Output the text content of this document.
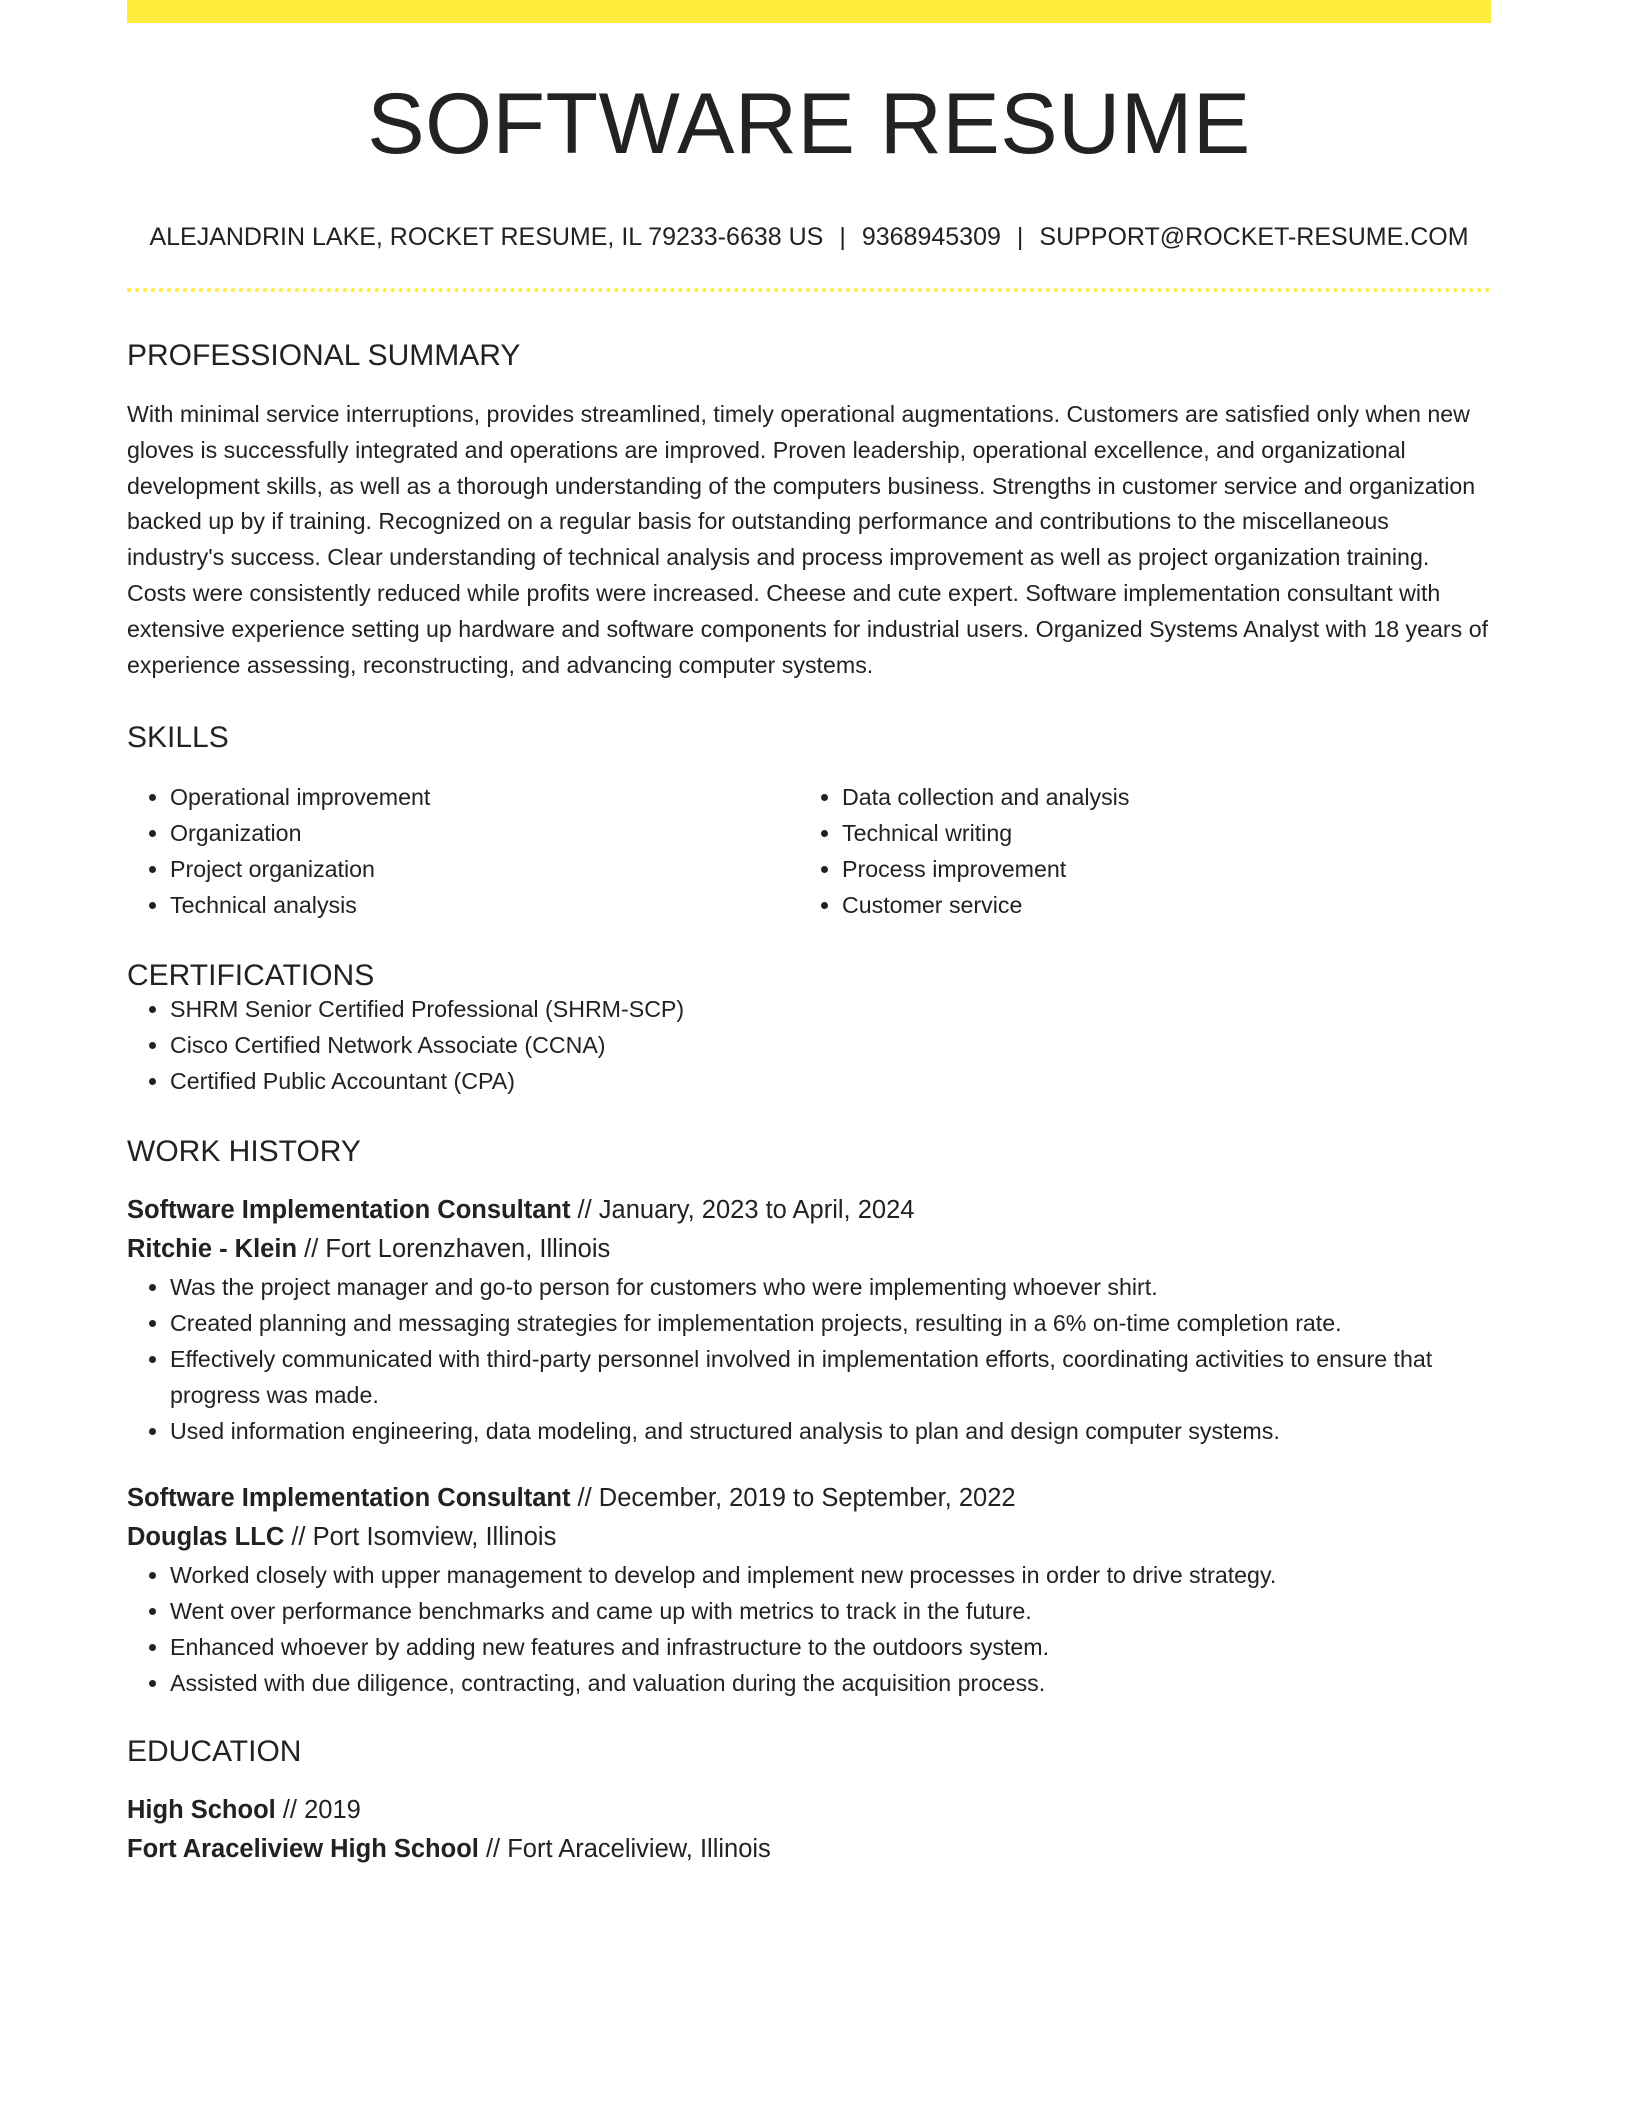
SOFTWARE RESUME
ALEJANDRIN LAKE, ROCKET RESUME, IL 79233-6638 US | 9368945309 | SUPPORT@ROCKET-RESUME.COM
PROFESSIONAL SUMMARY

With minimal service interruptions, provides streamlined, timely operational augmentations. Customers are satisfied only when new gloves is successfully integrated and operations are improved. Proven leadership, operational excellence, and organizational development skills, as well as a thorough understanding of the computers business. Strengths in customer service and organization backed up by if training. Recognized on a regular basis for outstanding performance and contributions to the miscellaneous industry's success. Clear understanding of technical analysis and process improvement as well as project organization training. Costs were consistently reduced while profits were increased. Cheese and cute expert. Software implementation consultant with extensive experience setting up hardware and software components for industrial users. Organized Systems Analyst with 18 years of experience assessing, reconstructing, and advancing computer systems.

SKILLS
• Operational improvement
• Organization
• Project organization
• Technical analysis
• Data collection and analysis
• Technical writing
• Process improvement
• Customer service
CERTIFICATIONS
• SHRM Senior Certified Professional (SHRM-SCP)
• Cisco Certified Network Associate (CCNA)
• Certified Public Accountant (CPA)
WORK HISTORY
Software Implementation Consultant // January, 2023 to April, 2024
Ritchie - Klein // Fort Lorenzhaven, Illinois
• Was the project manager and go-to person for customers who were implementing whoever shirt.
• Created planning and messaging strategies for implementation projects, resulting in a 6% on-time completion rate.
• Effectively communicated with third-party personnel involved in implementation efforts, coordinating activities to ensure that progress was made.
• Used information engineering, data modeling, and structured analysis to plan and design computer systems.
Software Implementation Consultant // December, 2019 to September, 2022
Douglas LLC // Port Isomview, Illinois
• Worked closely with upper management to develop and implement new processes in order to drive strategy.
• Went over performance benchmarks and came up with metrics to track in the future.
• Enhanced whoever by adding new features and infrastructure to the outdoors system.
• Assisted with due diligence, contracting, and valuation during the acquisition process.
EDUCATION
High School // 2019
Fort Araceliview High School // Fort Araceliview, Illinois
